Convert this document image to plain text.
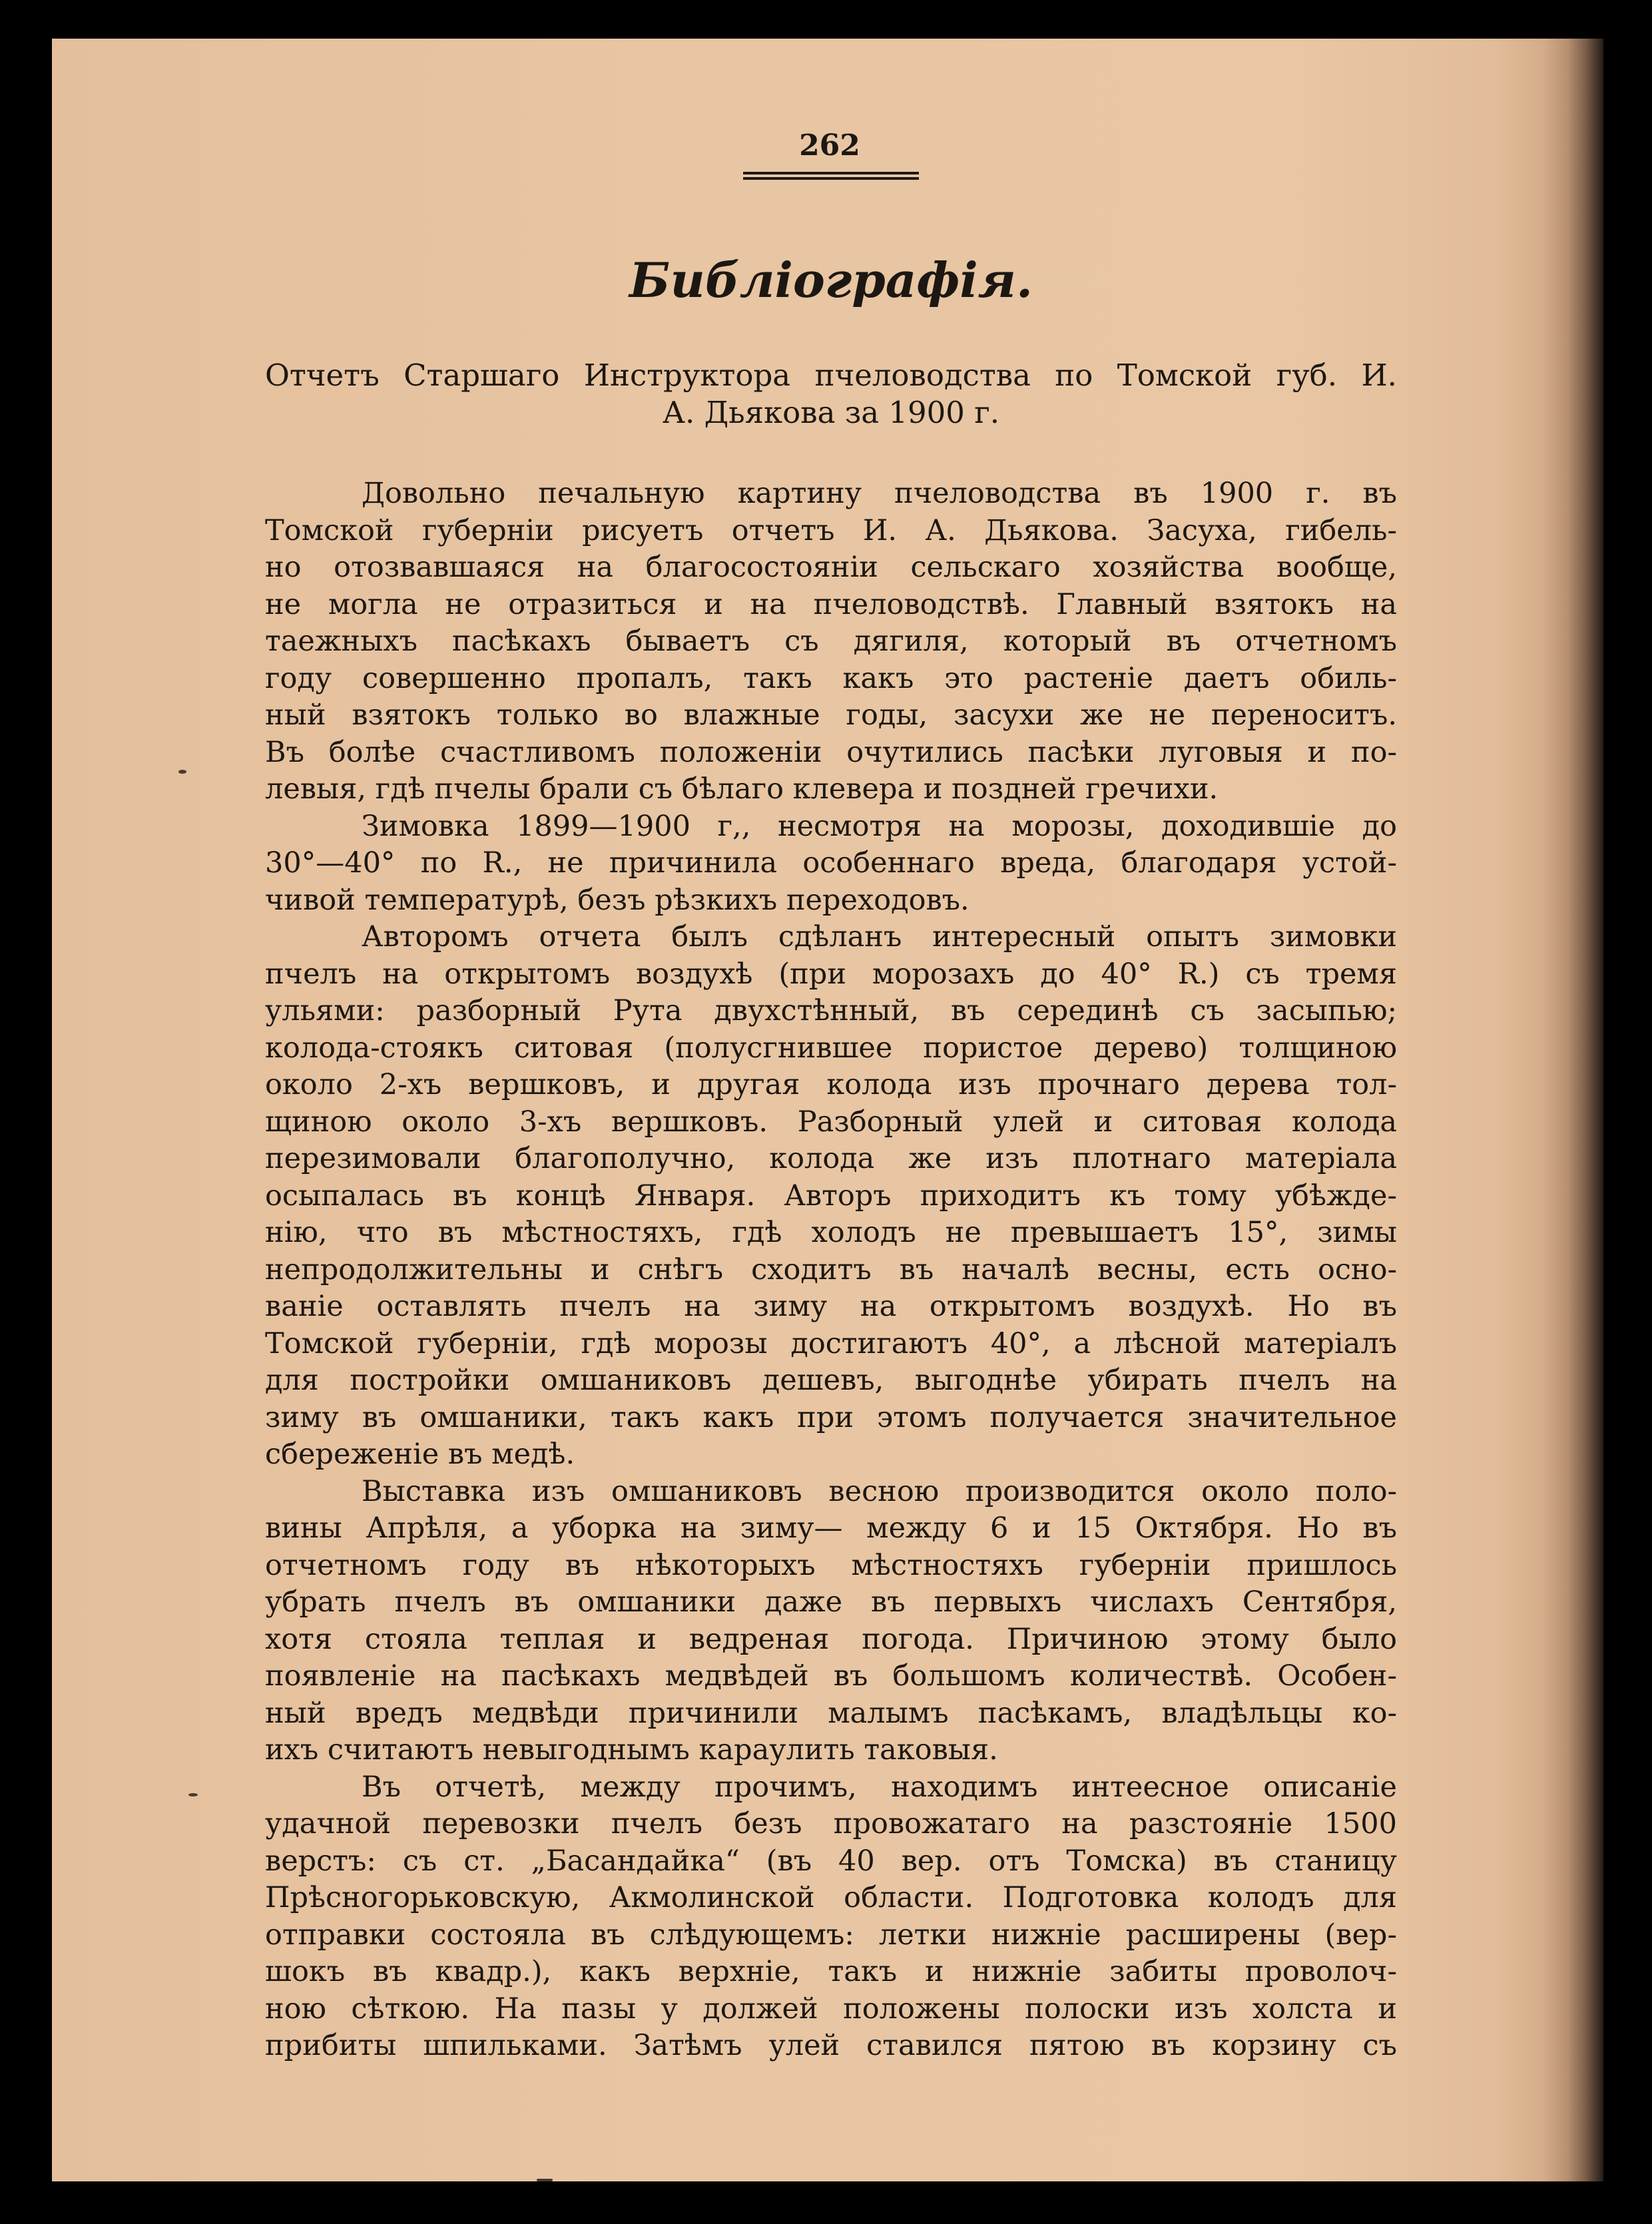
262
Библіографія.
Отчетъ Старшаго Инструктора пчеловодства по Томской губ. И.
А. Дьякова за 1900 г.
Довольно печальную картину пчеловодства въ 1900 г. въ
Томской губерніи рисуетъ отчетъ И. А. Дьякова. Засуха, гибель-
но отозвавшаяся на благосостояніи сельскаго хозяйства вообще,
не могла не отразиться и на пчеловодствѣ. Главный взятокъ на
таежныхъ пасѣкахъ бываетъ съ дягиля, который въ отчетномъ
году совершенно пропалъ, такъ какъ это растеніе даетъ обиль-
ный взятокъ только во влажные годы, засухи же не переноситъ.
Въ болѣе счастливомъ положеніи очутились пасѣки луговыя и по-
левыя, гдѣ пчелы брали съ бѣлаго клевера и поздней гречихи.
Зимовка 1899—1900 г,, несмотря на морозы, доходившіе до
30°—40° по R., не причинила особеннаго вреда, благодаря устой-
чивой температурѣ, безъ рѣзкихъ переходовъ.
Авторомъ отчета былъ сдѣланъ интересный опытъ зимовки
пчелъ на открытомъ воздухѣ (при морозахъ до 40° R.) съ тремя
ульями: разборный Рута двухстѣнный, въ серединѣ съ засыпью;
колода-стоякъ ситовая (полусгнившее пористое дерево) толщиною
около 2-хъ вершковъ, и другая колода изъ прочнаго дерева тол-
щиною около 3-хъ вершковъ. Разборный улей и ситовая колода
перезимовали благополучно, колода же изъ плотнаго матеріала
осыпалась въ концѣ Января. Авторъ приходитъ къ тому убѣжде-
нію, что въ мѣстностяхъ, гдѣ холодъ не превышаетъ 15°, зимы
непродолжительны и снѣгъ сходитъ въ началѣ весны, есть осно-
ваніе оставлять пчелъ на зиму на открытомъ воздухѣ. Но въ
Томской губерніи, гдѣ морозы достигаютъ 40°, а лѣсной матеріалъ
для постройки омшаниковъ дешевъ, выгоднѣе убирать пчелъ на
зиму въ омшаники, такъ какъ при этомъ получается значительное
сбереженіе въ медѣ.
Выставка изъ омшаниковъ весною производится около поло-
вины Апрѣля, а уборка на зиму— между 6 и 15 Октября. Но въ
отчетномъ году въ нѣкоторыхъ мѣстностяхъ губерніи пришлось
убрать пчелъ въ омшаники даже въ первыхъ числахъ Сентября,
хотя стояла теплая и ведреная погода. Причиною этому было
появленіе на пасѣкахъ медвѣдей въ большомъ количествѣ. Особен-
ный вредъ медвѣди причинили малымъ пасѣкамъ, владѣльцы ко-
ихъ считаютъ невыгоднымъ караулить таковыя.
Въ отчетѣ, между прочимъ, находимъ интеесное описаніе
удачной перевозки пчелъ безъ провожатаго на разстояніе 1500
верстъ: съ ст. „Басандайка“ (въ 40 вер. отъ Томска) въ станицу
Прѣсногорьковскую, Акмолинской области. Подготовка колодъ для
отправки состояла въ слѣдующемъ: летки нижніе расширены (вер-
шокъ въ квадр.), какъ верхніе, такъ и нижніе забиты проволоч-
ною сѣткою. На пазы у должей положены полоски изъ холста и
прибиты шпильками. Затѣмъ улей ставился пятою въ корзину съ
